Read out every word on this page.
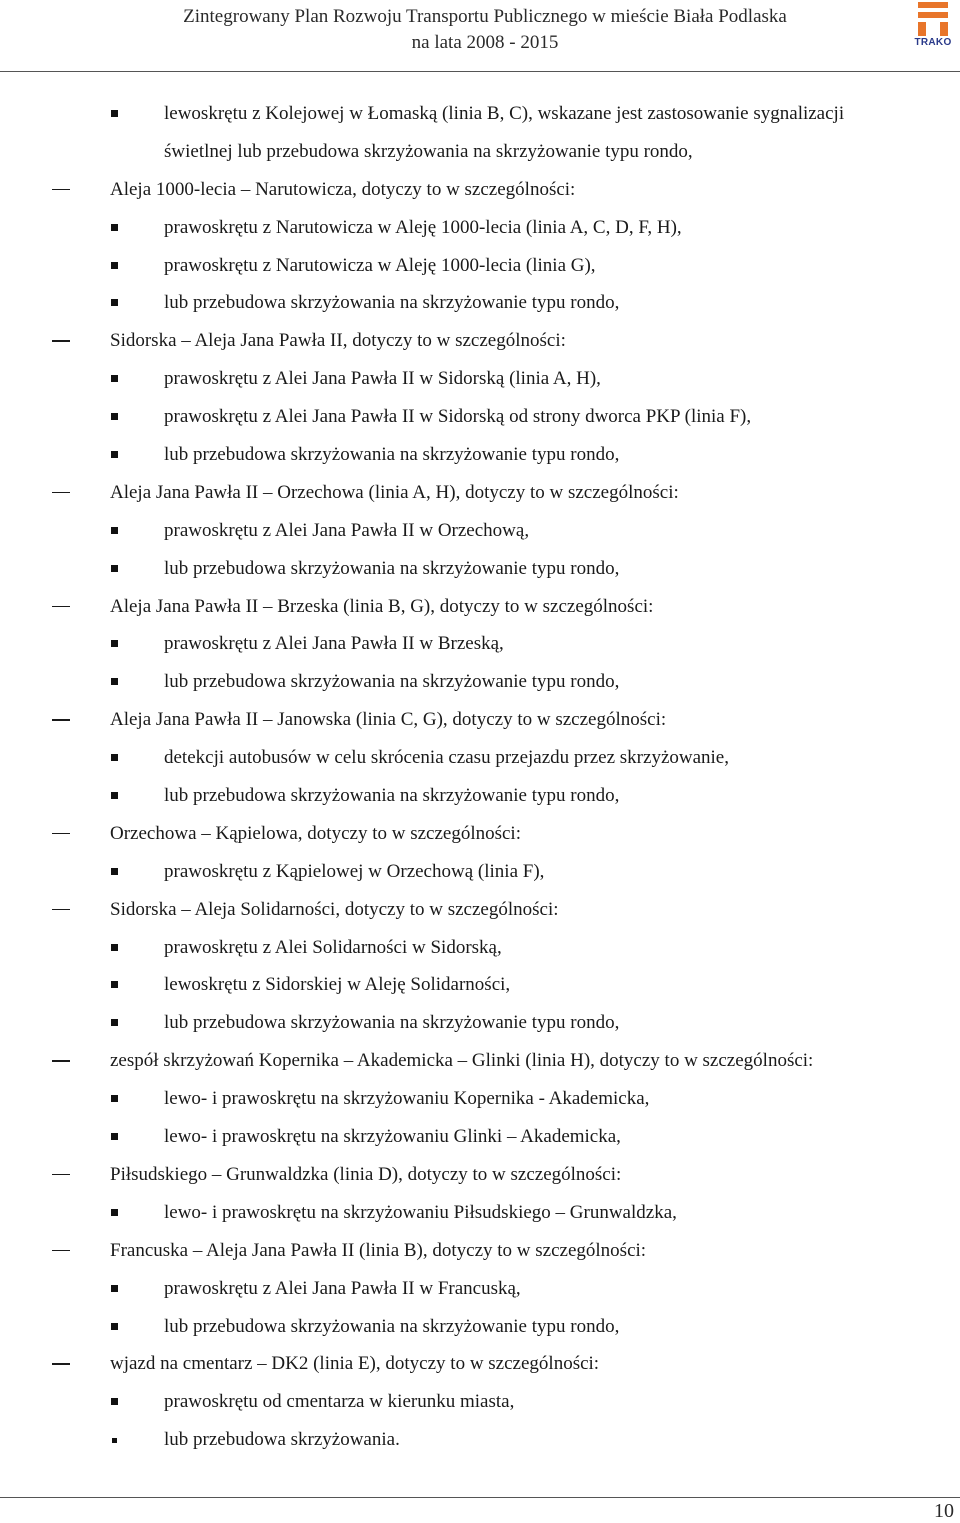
Zintegrowany Plan Rozwoju Transportu Publicznego w mieście Biała Podlaska
na lata 2008 - 2015	TRAKO
lewoskrętu z Kolejowej w Łomaską (linia B, C), wskazane jest zastosowanie sygnalizacji
świetlnej lub przebudowa skrzyżowania na skrzyżowanie typu rondo,
Aleja 1000-lecia – Narutowicza, dotyczy to w szczególności:
prawoskrętu z Narutowicza w Aleję 1000-lecia (linia A, C, D, F, H),
prawoskrętu z Narutowicza w Aleję 1000-lecia (linia G),
lub przebudowa skrzyżowania na skrzyżowanie typu rondo,
Sidorska – Aleja Jana Pawła II, dotyczy to w szczególności:
prawoskrętu z Alei Jana Pawła II w Sidorską (linia A, H),
prawoskrętu z Alei Jana Pawła II w Sidorską od strony dworca PKP (linia F),
lub przebudowa skrzyżowania na skrzyżowanie typu rondo,
Aleja Jana Pawła II – Orzechowa (linia A, H), dotyczy to w szczególności:
prawoskrętu z Alei Jana Pawła II w Orzechową,
lub przebudowa skrzyżowania na skrzyżowanie typu rondo,
Aleja Jana Pawła II – Brzeska (linia B, G), dotyczy to w szczególności:
prawoskrętu z Alei Jana Pawła II w Brzeską,
lub przebudowa skrzyżowania na skrzyżowanie typu rondo,
Aleja Jana Pawła II – Janowska (linia C, G), dotyczy to w szczególności:
detekcji autobusów w celu skrócenia czasu przejazdu przez skrzyżowanie,
lub przebudowa skrzyżowania na skrzyżowanie typu rondo,
Orzechowa – Kąpielowa, dotyczy to w szczególności:
prawoskrętu z Kąpielowej w Orzechową (linia F),
Sidorska – Aleja Solidarności, dotyczy to w szczególności:
prawoskrętu z Alei Solidarności w Sidorską,
lewoskrętu z Sidorskiej w Aleję Solidarności,
lub przebudowa skrzyżowania na skrzyżowanie typu rondo,
zespół skrzyżowań Kopernika – Akademicka – Glinki (linia H), dotyczy to w szczególności:
lewo- i prawoskrętu na skrzyżowaniu Kopernika - Akademicka,
lewo- i prawoskrętu na skrzyżowaniu Glinki – Akademicka,
Piłsudskiego – Grunwaldzka (linia D), dotyczy to w szczególności:
lewo- i prawoskrętu na skrzyżowaniu Piłsudskiego – Grunwaldzka,
Francuska – Aleja Jana Pawła II (linia B), dotyczy to w szczególności:
prawoskrętu z Alei Jana Pawła II w Francuską,
lub przebudowa skrzyżowania na skrzyżowanie typu rondo,
wjazd na cmentarz – DK2 (linia E), dotyczy to w szczególności:
prawoskrętu od cmentarza w kierunku miasta,
lub przebudowa skrzyżowania.
10
